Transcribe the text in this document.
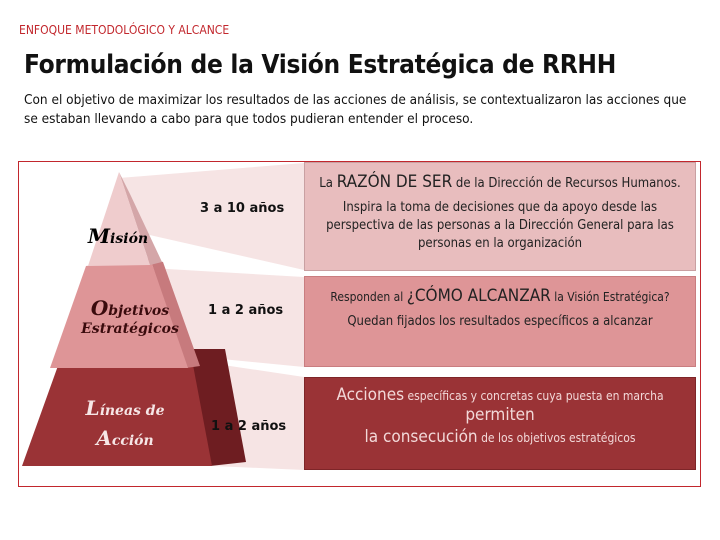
ENFOQUE METODOLÓGICO Y ALCANCE
Formulación de la Visión Estratégica de RRHH
Con el objetivo de maximizar los resultados de las acciones de análisis, se contextualizaron las acciones que se estaban llevando a cabo para que todos pudieran entender el proceso.
Misión
Objetivos
Estratégicos
Líneas de
Acción
3 a 10 años
1 a 2 años
1 a 2 años
La RAZÓN DE SER de la Dirección de Recursos Humanos.
Inspira la toma de decisiones que da apoyo desde las perspectiva de las personas a la Dirección General para las personas en la organización
Responden al ¿CÓMO ALCANZAR la Visión Estratégica?
Quedan fijados los resultados específicos a alcanzar
Acciones específicas y concretas cuya puesta en marcha permiten
la consecución de los objetivos estratégicos
